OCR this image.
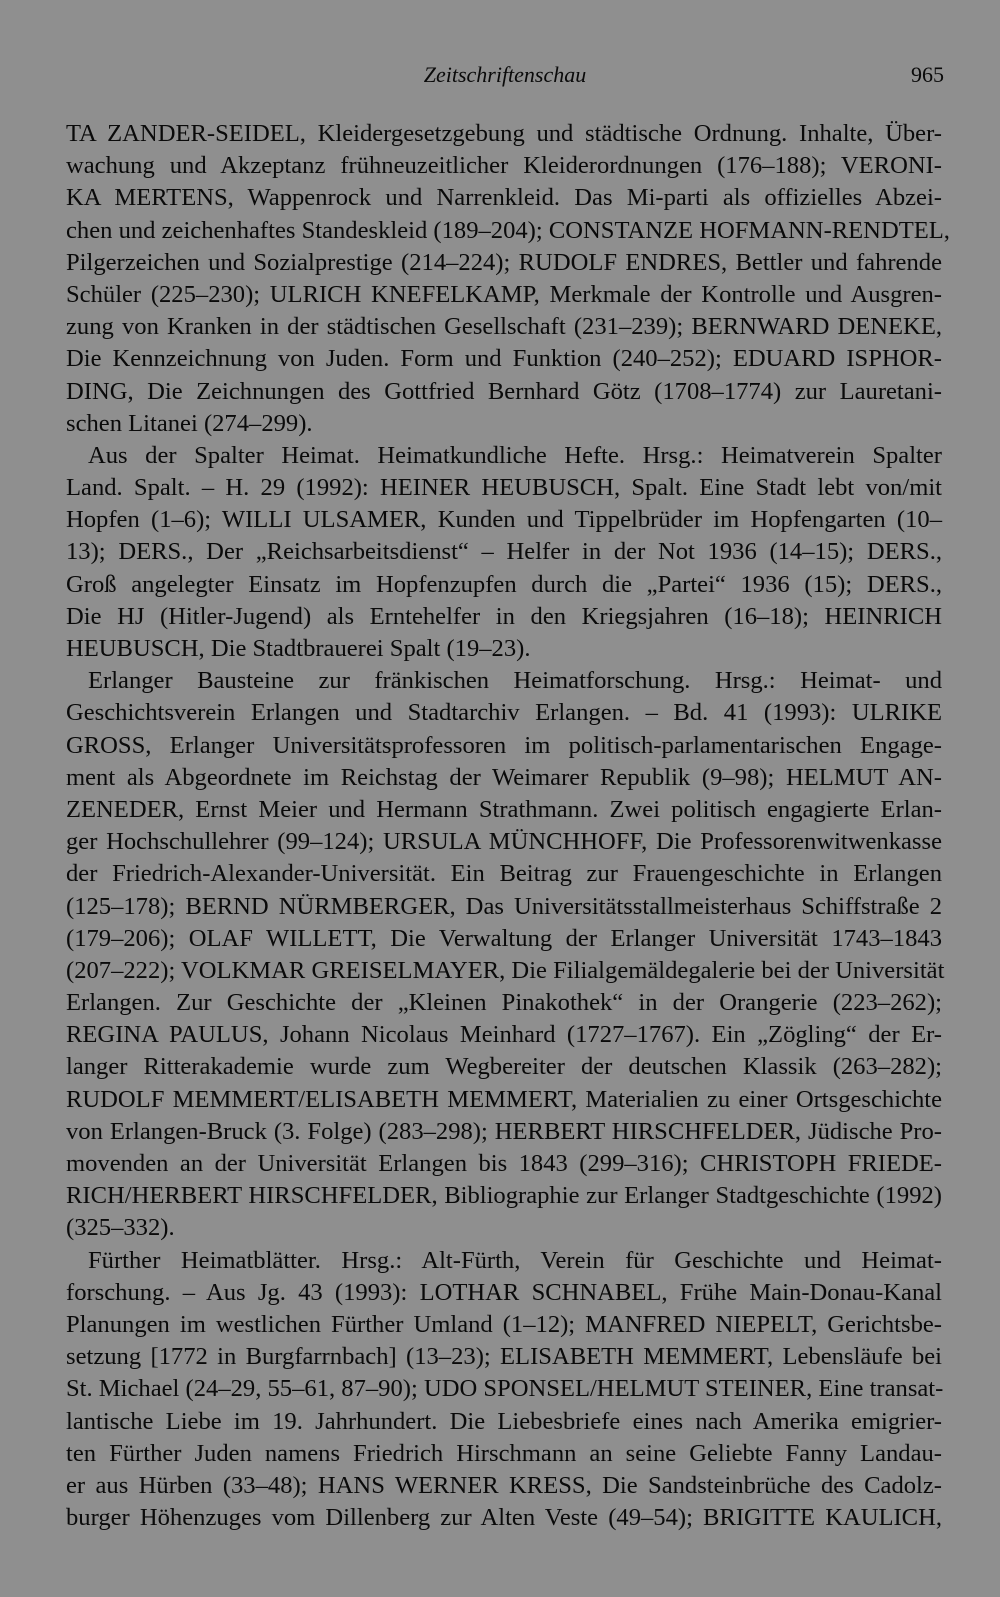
Zeitschriftenschau	965
TA ZANDER-SEIDEL, Kleidergesetzgebung und städtische Ordnung. Inhalte, Über-
wachung und Akzeptanz frühneuzeitlicher Kleiderordnungen (176–188); VERONI-
KA MERTENS, Wappenrock und Narrenkleid. Das Mi-parti als offizielles Abzei-
chen und zeichenhaftes Standeskleid (189–204); CONSTANZE HOFMANN-RENDTEL,
Pilgerzeichen und Sozialprestige (214–224); RUDOLF ENDRES, Bettler und fahrende
Schüler (225–230); ULRICH KNEFELKAMP, Merkmale der Kontrolle und Ausgren-
zung von Kranken in der städtischen Gesellschaft (231–239); BERNWARD DENEKE,
Die Kennzeichnung von Juden. Form und Funktion (240–252); EDUARD ISPHOR-
DING, Die Zeichnungen des Gottfried Bernhard Götz (1708–1774) zur Lauretani-
schen Litanei (274–299).
Aus der Spalter Heimat. Heimatkundliche Hefte. Hrsg.: Heimatverein Spalter
Land. Spalt. – H. 29 (1992): HEINER HEUBUSCH, Spalt. Eine Stadt lebt von/mit
Hopfen (1–6); WILLI ULSAMER, Kunden und Tippelbrüder im Hopfengarten (10–
13); DERS., Der „Reichsarbeitsdienst“ – Helfer in der Not 1936 (14–15); DERS.,
Groß angelegter Einsatz im Hopfenzupfen durch die „Partei“ 1936 (15); DERS.,
Die HJ (Hitler-Jugend) als Erntehelfer in den Kriegsjahren (16–18); HEINRICH
HEUBUSCH, Die Stadtbrauerei Spalt (19–23).
Erlanger Bausteine zur fränkischen Heimatforschung. Hrsg.: Heimat- und
Geschichtsverein Erlangen und Stadtarchiv Erlangen. – Bd. 41 (1993): ULRIKE
GROSS, Erlanger Universitätsprofessoren im politisch-parlamentarischen Engage-
ment als Abgeordnete im Reichstag der Weimarer Republik (9–98); HELMUT AN-
ZENEDER, Ernst Meier und Hermann Strathmann. Zwei politisch engagierte Erlan-
ger Hochschullehrer (99–124); URSULA MÜNCHHOFF, Die Professorenwitwenkasse
der Friedrich-Alexander-Universität. Ein Beitrag zur Frauengeschichte in Erlangen
(125–178); BERND NÜRMBERGER, Das Universitätsstallmeisterhaus Schiffstraße 2
(179–206); OLAF WILLETT, Die Verwaltung der Erlanger Universität 1743–1843
(207–222); VOLKMAR GREISELMAYER, Die Filialgemäldegalerie bei der Universität
Erlangen. Zur Geschichte der „Kleinen Pinakothek“ in der Orangerie (223–262);
REGINA PAULUS, Johann Nicolaus Meinhard (1727–1767). Ein „Zögling“ der Er-
langer Ritterakademie wurde zum Wegbereiter der deutschen Klassik (263–282);
RUDOLF MEMMERT/ELISABETH MEMMERT, Materialien zu einer Ortsgeschichte
von Erlangen-Bruck (3. Folge) (283–298); HERBERT HIRSCHFELDER, Jüdische Pro-
movenden an der Universität Erlangen bis 1843 (299–316); CHRISTOPH FRIEDE-
RICH/HERBERT HIRSCHFELDER, Bibliographie zur Erlanger Stadtgeschichte (1992)
(325–332).
Fürther Heimatblätter. Hrsg.: Alt-Fürth, Verein für Geschichte und Heimat-
forschung. – Aus Jg. 43 (1993): LOTHAR SCHNABEL, Frühe Main-Donau-Kanal
Planungen im westlichen Fürther Umland (1–12); MANFRED NIEPELT, Gerichtsbe-
setzung [1772 in Burgfarrnbach] (13–23); ELISABETH MEMMERT, Lebensläufe bei
St. Michael (24–29, 55–61, 87–90); UDO SPONSEL/HELMUT STEINER, Eine transat-
lantische Liebe im 19. Jahrhundert. Die Liebesbriefe eines nach Amerika emigrier-
ten Fürther Juden namens Friedrich Hirschmann an seine Geliebte Fanny Landau-
er aus Hürben (33–48); HANS WERNER KRESS, Die Sandsteinbrüche des Cadolz-
burger Höhenzuges vom Dillenberg zur Alten Veste (49–54); BRIGITTE KAULICH,
